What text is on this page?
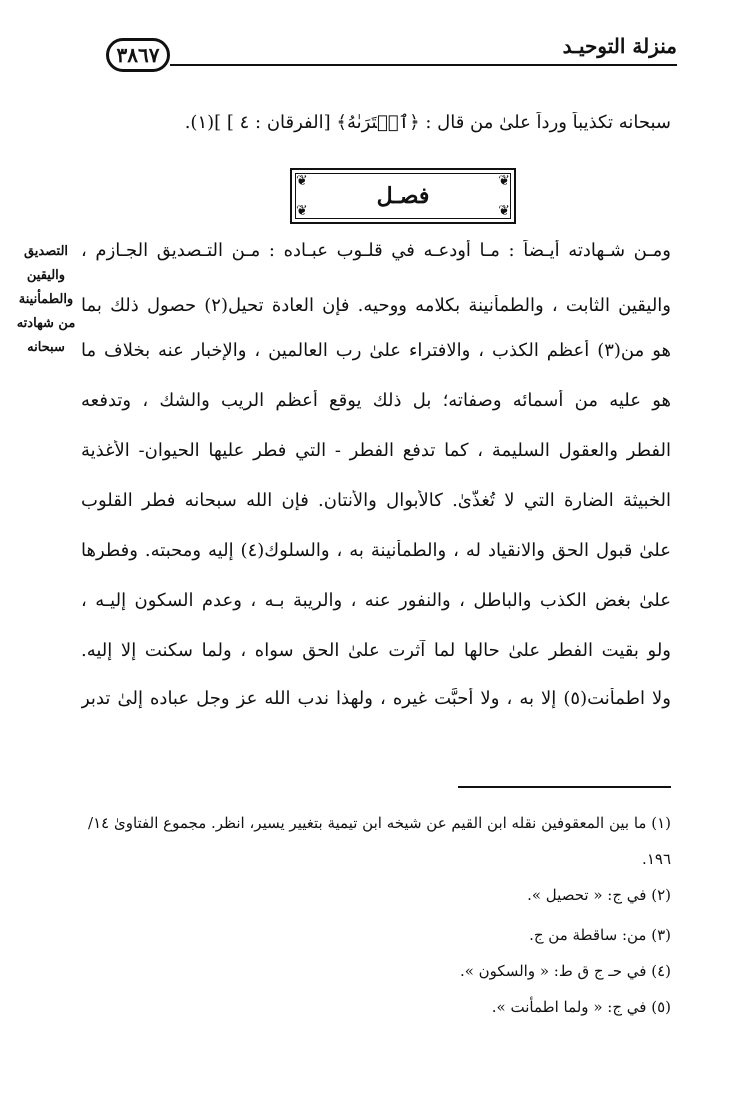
منزلة التوحيـد
٣٨٦٧
سبحانه تكذيباً ورداً علىٰ من قال : ﴿ٱفۡتَرَىٰهُ﴾ [الفرقان : ٤ ] ](١).
❦	❦
❦	❦
فصـل
التصديق
واليقين
والطمأنينة
من شهادته
سبحانه
ومـن شـهادته أيـضاً : مـا أودعـه في قلـوب عبـاده : مـن التـصديق الجـازم ،
واليقين الثابت ، والطمأنينة بكلامه ووحيه. فإن العادة تحيل(٢) حصول ذلك بما
هو من(٣) أعظم الكذب ، والافتراء علىٰ رب العالمين ، والإخبار عنه بخلاف ما
هو عليه من أسمائه وصفاته؛ بل ذلك يوقع أعظم الريب والشك ، وتدفعه
الفطر والعقول السليمة ، كما تدفع الفطر - التي فطر عليها الحيوان- الأغذية
الخبيثة الضارة التي لا تُغذّىٰ. كالأبوال والأنتان. فإن الله سبحانه فطر القلوب
علىٰ قبول الحق والانقياد له ، والطمأنينة به ، والسلوك(٤) إليه ومحبته. وفطرها
علىٰ بغض الكذب والباطل ، والنفور عنه ، والريبة بـه ، وعدم السكون إليـه ،
ولو بقيت الفطر علىٰ حالها لما آثرت علىٰ الحق سواه ، ولما سكنت إلا إليه.
ولا اطمأنت(٥) إلا به ، ولا أحبَّت غيره ، ولهذا ندب الله عز وجل عباده إلىٰ تدبر
(١) ما بين المعقوفين نقله ابن القيم عن شيخه ابن تيمية بتغيير يسير، انظر. مجموع الفتاوىٰ ١٤/
١٩٦.
(٢) في ج: « تحصيل ».
(٣) من: ساقطة من ج.
(٤) في حـ ج ق ط: « والسكون ».
(٥) في ج: « ولما اطمأنت ».
